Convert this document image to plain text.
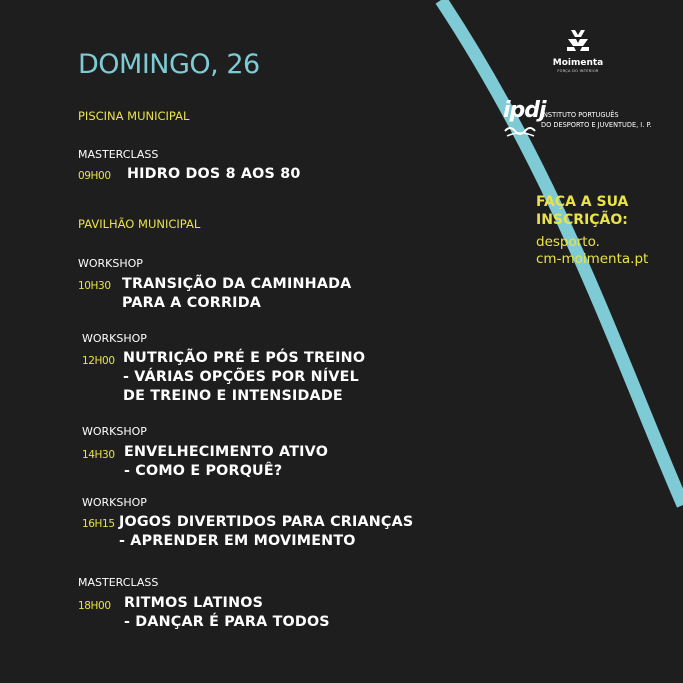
DOMINGO, 26
PISCINA MUNICIPAL
MASTERCLASS
09H00 HIDRO DOS 8 AOS 80
PAVILHÃO MUNICIPAL
WORKSHOP
10H30 TRANSIÇÃO DA CAMINHADA
PARA A CORRIDA
WORKSHOP
12H00 NUTRIÇÃO PRÉ E PÓS TREINO
- VÁRIAS OPÇÕES POR NÍVEL
DE TREINO E INTENSIDADE
WORKSHOP
14H30 ENVELHECIMENTO ATIVO
- COMO E PORQUÊ?
WORKSHOP
16H15 JOGOS DIVERTIDOS PARA CRIANÇAS
- APRENDER EM MOVIMENTO
MASTERCLASS
18H00 RITMOS LATINOS
- DANÇAR É PARA TODOS
Moimenta
FORÇA DO INTERIOR
ipdj
INSTITUTO PORTUGUÊS
DO DESPORTO E JUVENTUDE, I. P.
FAÇA A SUA
INSCRIÇÃO:
desporto.
cm-moimenta.pt
